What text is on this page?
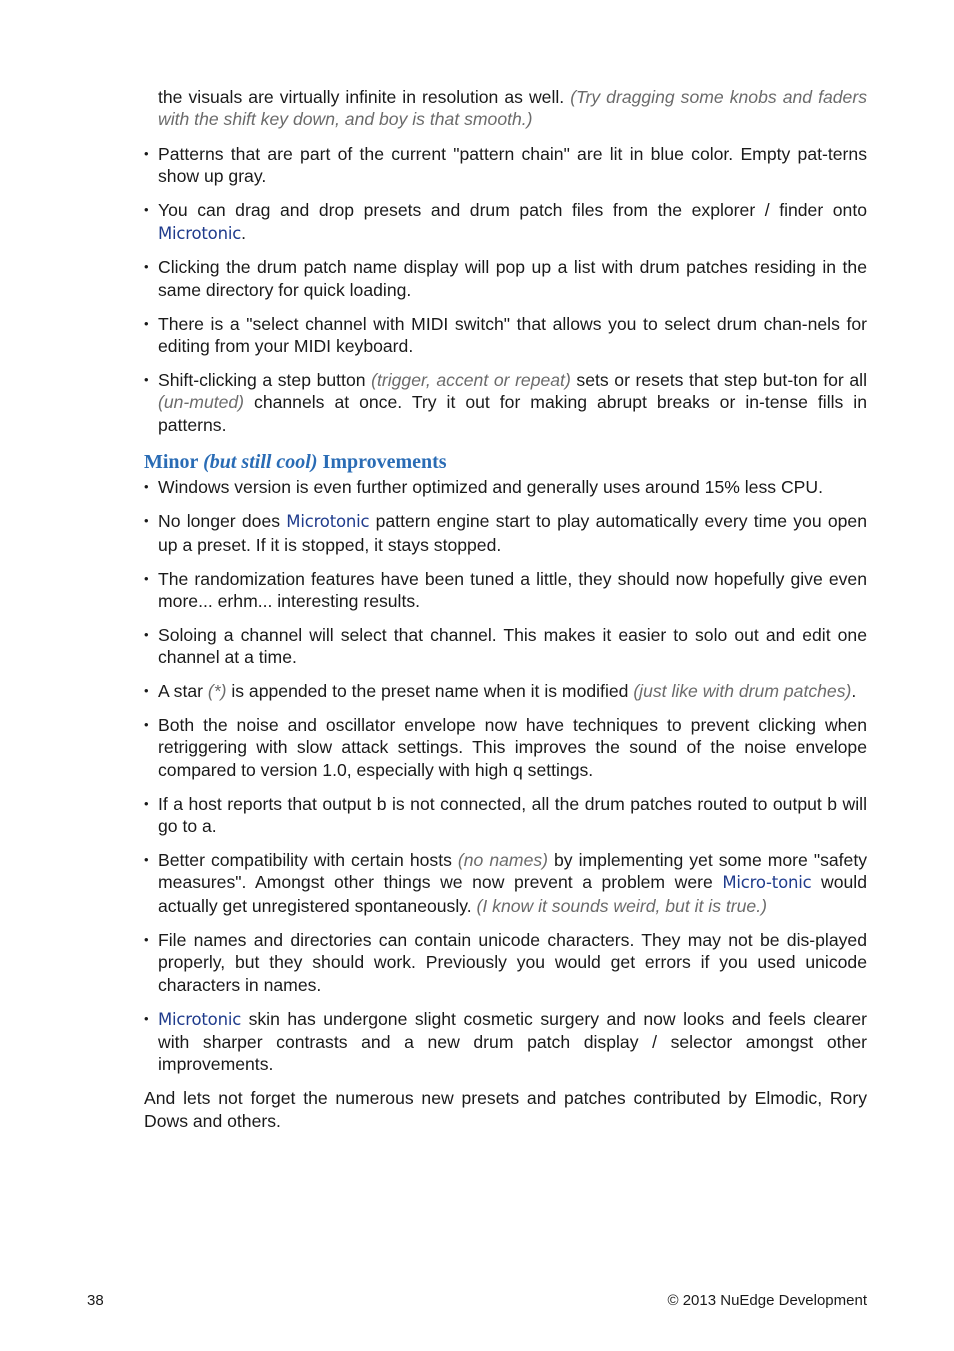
the visuals are virtually infinite in resolution as well. (Try dragging some knobs and faders with the shift key down, and boy is that smooth.)

• Patterns that are part of the current "pattern chain" are lit in blue color. Empty pat-terns show up gray.
• You can drag and drop presets and drum patch files from the explorer / finder onto Microtonic.
• Clicking the drum patch name display will pop up a list with drum patches residing in the same directory for quick loading.
• There is a "select channel with MIDI switch" that allows you to select drum chan-nels for editing from your MIDI keyboard.
• Shift-clicking a step button (trigger, accent or repeat) sets or resets that step but-ton for all (un-muted) channels at once. Try it out for making abrupt breaks or in-tense fills in patterns.
Minor (but still cool) Improvements
• Windows version is even further optimized and generally uses around 15% less CPU.
• No longer does Microtonic pattern engine start to play automatically every time you open up a preset. If it is stopped, it stays stopped.
• The randomization features have been tuned a little, they should now hopefully give even more... erhm... interesting results.
• Soloing a channel will select that channel. This makes it easier to solo out and edit one channel at a time.
• A star (*) is appended to the preset name when it is modified (just like with drum patches).
• Both the noise and oscillator envelope now have techniques to prevent clicking when retriggering with slow attack settings. This improves the sound of the noise envelope compared to version 1.0, especially with high q settings.
• If a host reports that output b is not connected, all the drum patches routed to output b will go to a.
• Better compatibility with certain hosts (no names) by implementing yet some more "safety measures". Amongst other things we now prevent a problem were Micro-tonic would actually get unregistered spontaneously. (I know it sounds weird, but it is true.)
• File names and directories can contain unicode characters. They may not be dis-played properly, but they should work. Previously you would get errors if you used unicode characters in names.
• Microtonic skin has undergone slight cosmetic surgery and now looks and feels clearer with sharper contrasts and a new drum patch display / selector amongst other improvements.

And lets not forget the numerous new presets and patches contributed by Elmodic, Rory Dows and others.

38	© 2013 NuEdge Development
